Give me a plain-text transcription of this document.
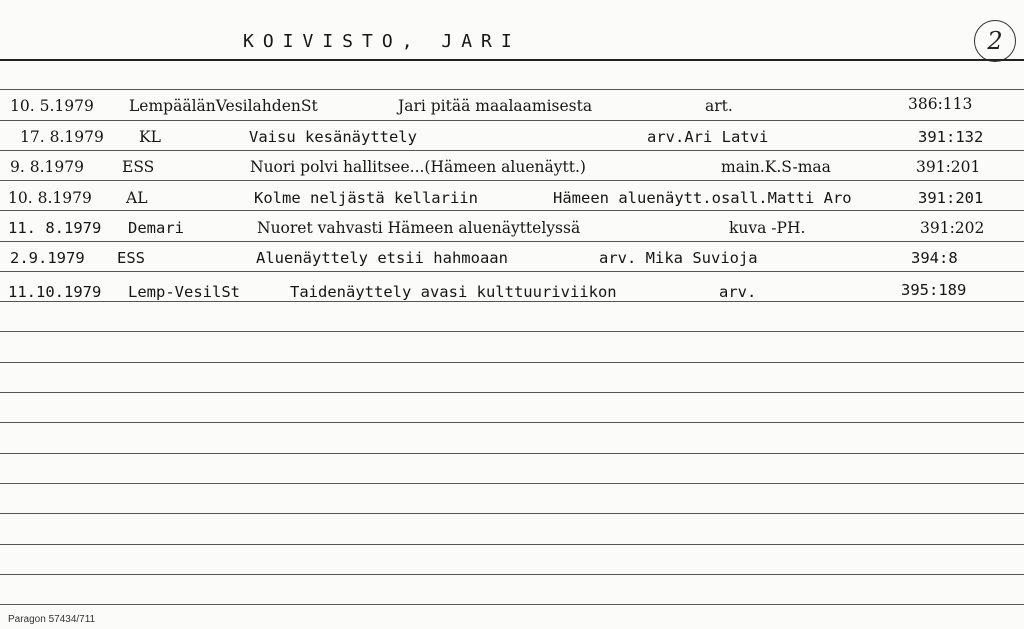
KOIVISTO, JARI	2
10. 5.1979 LempäälänVesilahdenSt	Jari pitää maalaamisesta	art.	386:113
17. 8.1979 KL	Vaisu kesänäyttely	arv.Ari Latvi	391:132
9. 8.1979 ESS	Nuori polvi hallitsee...(Hämeen aluenäytt.)	main.K.S-maa	391:201
10. 8.1979 AL	Kolme neljästä kellariin	Hämeen aluenäytt.osall.Matti Aro	391:201
11. 8.1979 Demari	Nuoret vahvasti Hämeen aluenäyttelyssä	kuva -PH.	391:202
2.9.1979 ESS	Aluenäyttely etsii hahmoaan	arv. Mika Suvioja	394:8
11.10.1979 Lemp-VesilSt	Taidenäyttely avasi kulttuuriviikon	arv.	395:189
Paragon 57434/711
